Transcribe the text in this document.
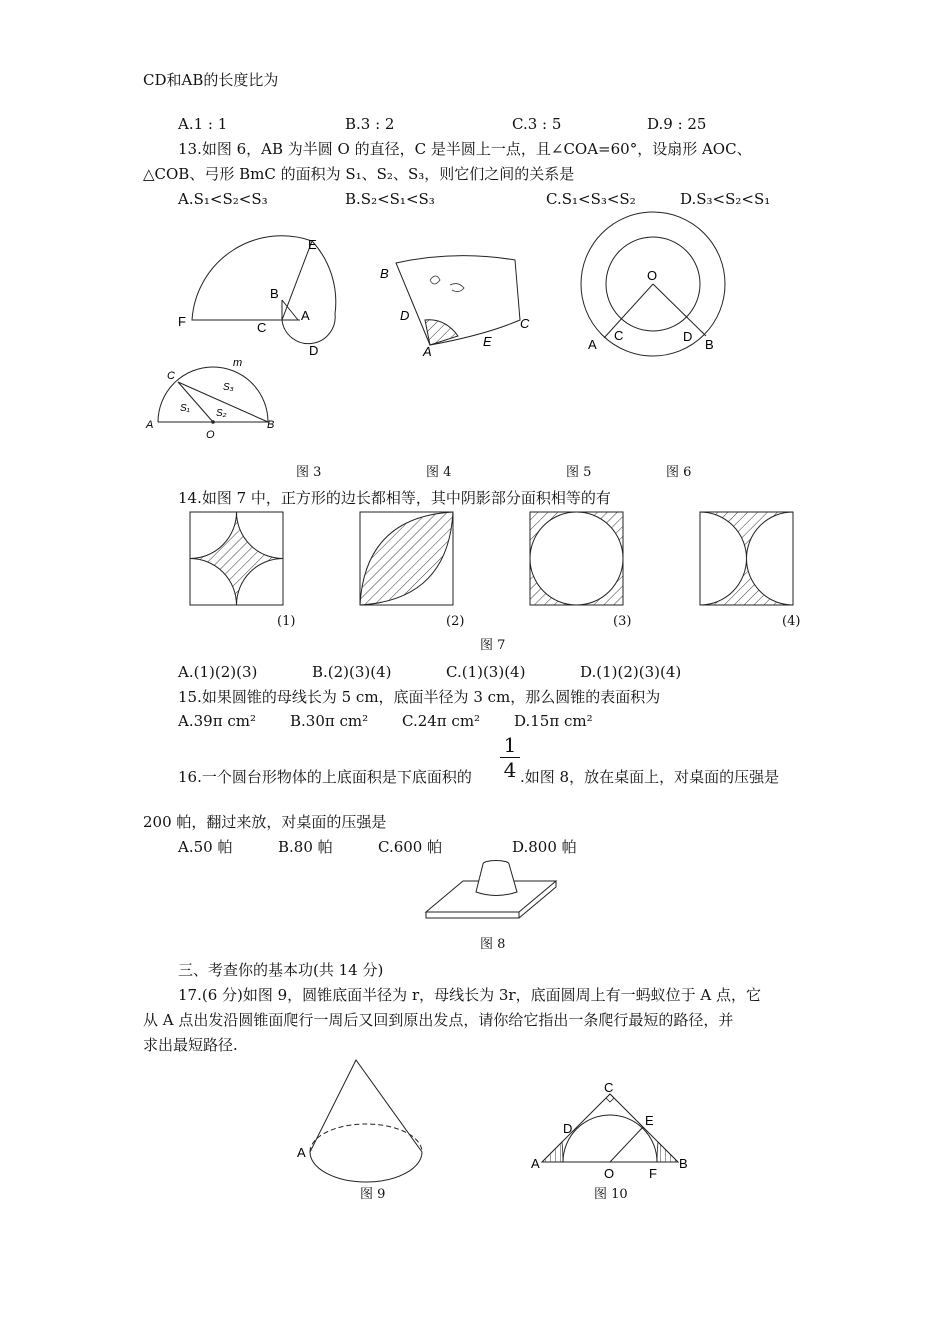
CD和AB的长度比为
A.1 : 1	B.3 : 2	C.3 : 5	D.9 : 25
13.如图 6，AB 为半圆 O 的直径，C 是半圆上一点，且∠COA=60°，设扇形 AOC、
△COB、弓形 BmC 的面积为 S₁、S₂、S₃，则它们之间的关系是
A.S₁<S₂<S₃	B.S₂<S₁<S₃	C.S₁<S₃<S₂	D.S₃<S₂<S₁
E
B
A
F	C
D
B
D
A
E
C
O
A
C	D
B
m
C
S₃
S₁	S₂
A
O
B
图 3	图 4	图 5	图 6
14.如图 7 中，正方形的边长都相等，其中阴影部分面积相等的有
(1)	(2)	(3)	(4)
图 7
A.(1)(2)(3)	B.(2)(3)(4)	C.(1)(3)(4)	D.(1)(2)(3)(4)
15.如果圆锥的母线长为 5 cm，底面半径为 3 cm，那么圆锥的表面积为
A.39π cm² B.30π cm² C.24π cm² D.15π cm²
16.一个圆台形物体的上底面积是下底面积的
1
4 .如图 8，放在桌面上，对桌面的压强是
200 帕，翻过来放，对桌面的压强是
A.50 帕	B.80 帕	C.600 帕	D.800 帕
图 8
三、考查你的基本功(共 14 分)
17.(6 分)如图 9，圆锥底面半径为 r，母线长为 3r，底面圆周上有一蚂蚁位于 A 点，它
从 A 点出发沿圆锥面爬行一周后又回到原出发点，请你给它指出一条爬行最短的路径，并
求出最短路径.
A
C
D
E
A
O	F
B
图 9	图 10
